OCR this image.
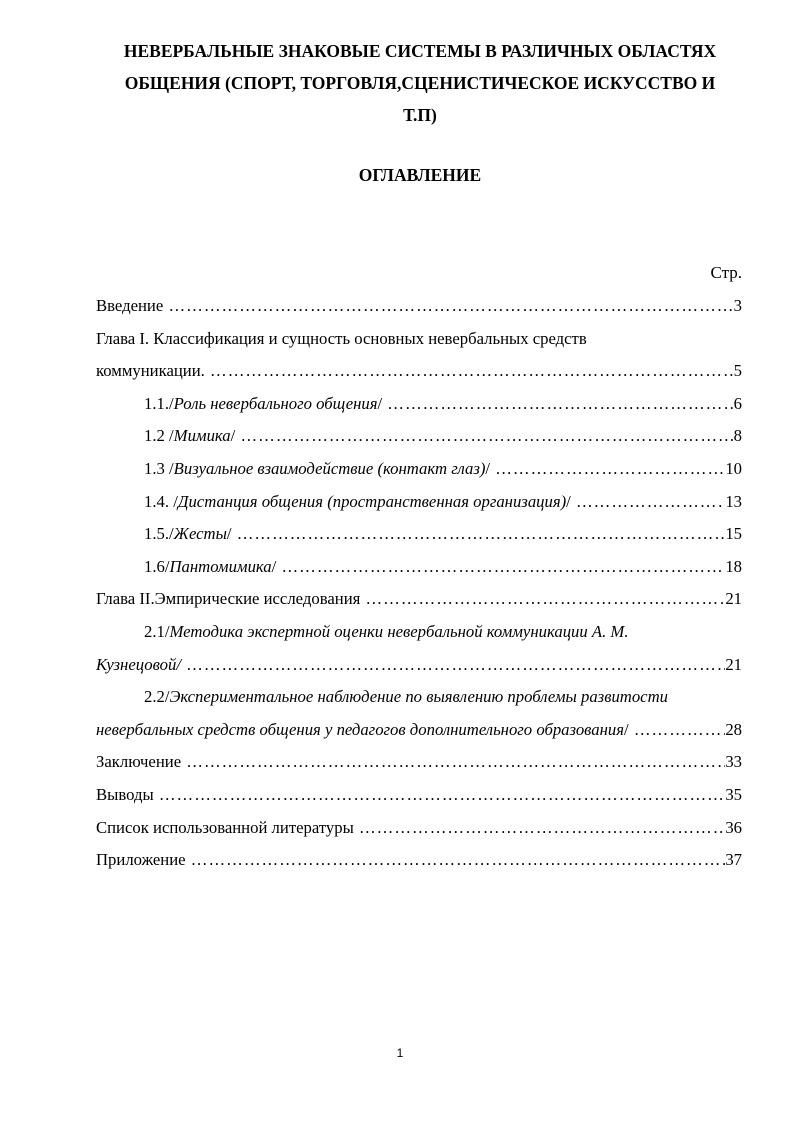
НЕВЕРБАЛЬНЫЕ ЗНАКОВЫЕ СИСТЕМЫ В РАЗЛИЧНЫХ ОБЛАСТЯХ
ОБЩЕНИЯ (СПОРТ, ТОРГОВЛЯ,СЦЕНИСТИЧЕСКОЕ ИСКУССТВО И
Т.П)
ОГЛАВЛЕНИЕ
Стр.
Введение ……………………………………………………………………………………………………………………………………………………………………………………	3
Глава I. Классификация и сущность основных невербальных средств
коммуникации. ……………………………………………………………………………………………………………………………………………………………………………………	5
1.1./Роль невербального общения/ ……………………………………………………………………………………………………………………………………………………………………………………	6
1.2 /Мимика/ ……………………………………………………………………………………………………………………………………………………………………………………	8
1.3 /Визуальное взаимодействие (контакт глаз)/ ……………………………………………………………………………………………………………………………………………………………………………………	10
1.4. /Дистанция общения (пространственная организация)/ ……………………………………………………………………………………………………………………………………………………………………………………	13
1.5./Жесты/ ……………………………………………………………………………………………………………………………………………………………………………………	15
1.6/Пантомимика/ ……………………………………………………………………………………………………………………………………………………………………………………	18
Глава II.Эмпирические исследования ……………………………………………………………………………………………………………………………………………………………………………………	21
2.1/Методика экспертной оценки невербальной коммуникации А. М.
Кузнецовой/ ……………………………………………………………………………………………………………………………………………………………………………………	21
2.2/Экспериментальное наблюдение по выявлению проблемы развитости
невербальных средств общения у педагогов дополнительного образования/ ……………………………………………………………………………………………………………………………………………………………………………………	28
Заключение ……………………………………………………………………………………………………………………………………………………………………………………	33
Выводы ……………………………………………………………………………………………………………………………………………………………………………………	35
Список использованной литературы ……………………………………………………………………………………………………………………………………………………………………………………	36
Приложение ……………………………………………………………………………………………………………………………………………………………………………………	37
1
